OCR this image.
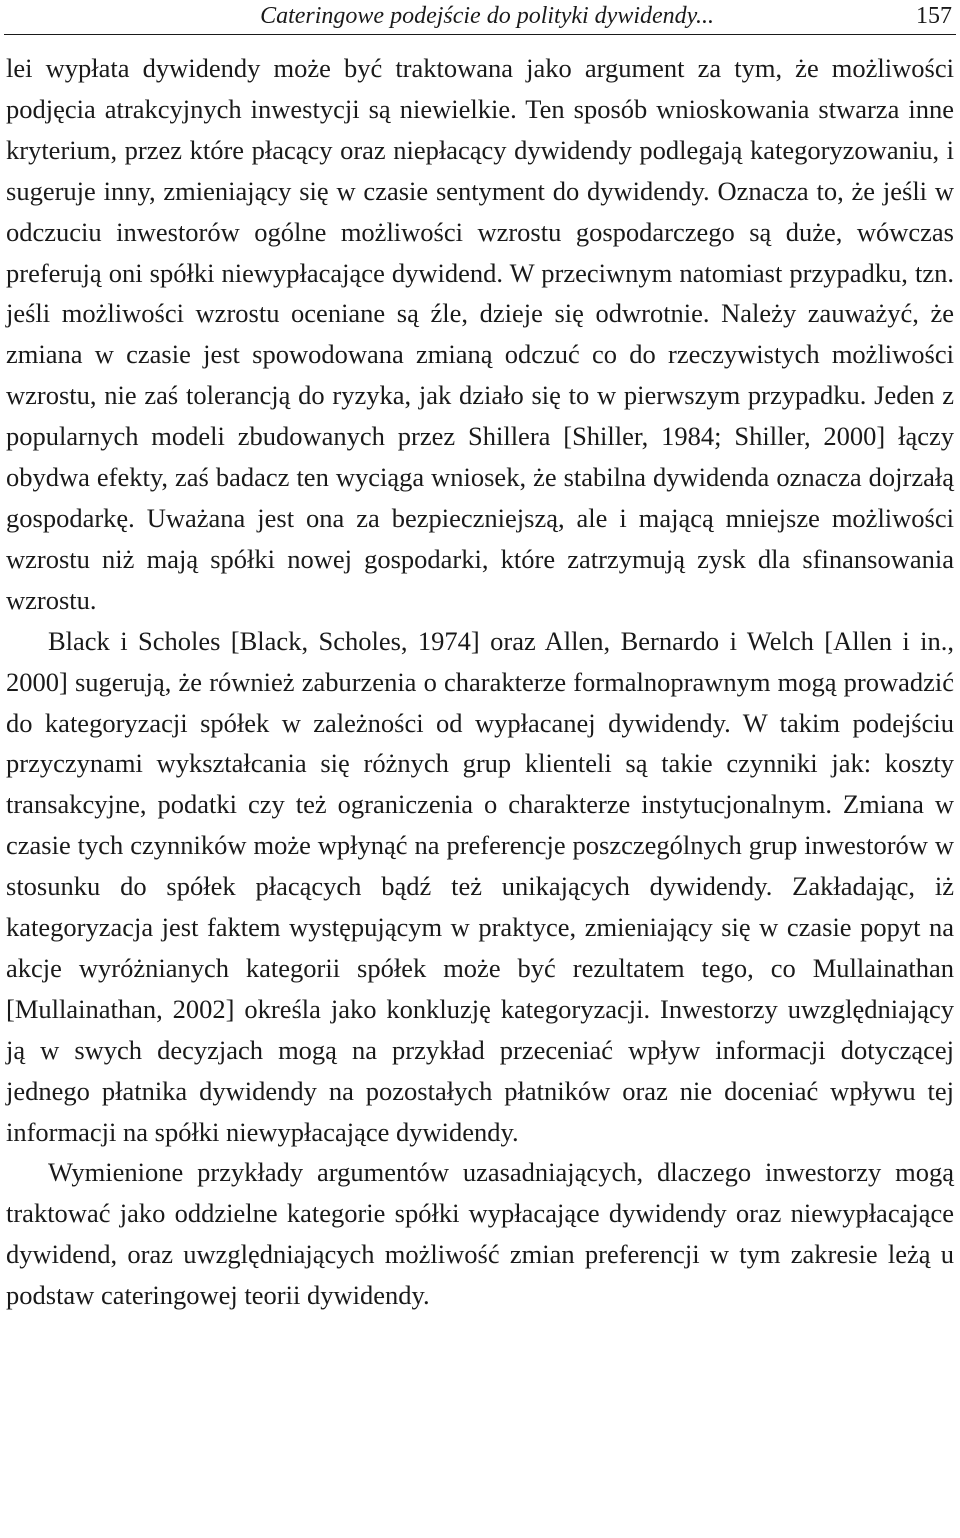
Cateringowe podejście do polityki dywidendy...	157

lei wypłata dywidendy może być traktowana jako argument za tym, że możliwości podjęcia atrakcyjnych inwestycji są niewielkie. Ten sposób wnioskowania stwarza inne kryterium, przez które płacący oraz niepłacący dywidendy podlegają kategoryzowaniu, i sugeruje inny, zmieniający się w czasie sentyment do dywidendy. Oznacza to, że jeśli w odczuciu inwestorów ogólne możliwości wzrostu gospodarczego są duże, wówczas preferują oni spółki niewypłacające dywidend. W przeciwnym natomiast przypadku, tzn. jeśli możliwości wzrostu oceniane są źle, dzieje się odwrotnie. Należy zauważyć, że zmiana w czasie jest spowodowana zmianą odczuć co do rzeczywistych możliwości wzrostu, nie zaś tolerancją do ryzyka, jak działo się to w pierwszym przypadku. Jeden z popularnych modeli zbudowanych przez Shillera [Shiller, 1984; Shiller, 2000] łączy obydwa efekty, zaś badacz ten wyciąga wniosek, że stabilna dywidenda oznacza dojrzałą gospodarkę. Uważana jest ona za bezpieczniejszą, ale i mającą mniejsze możliwości wzrostu niż mają spółki nowej gospodarki, które zatrzymują zysk dla sfinansowania wzrostu.

Black i Scholes [Black, Scholes, 1974] oraz Allen, Bernardo i Welch [Allen i in., 2000] sugerują, że również zaburzenia o charakterze formalnoprawnym mogą prowadzić do kategoryzacji spółek w zależności od wypłacanej dywidendy. W takim podejściu przyczynami wykształcania się różnych grup klienteli są takie czynniki jak: koszty transakcyjne, podatki czy też ograniczenia o charakterze instytucjonalnym. Zmiana w czasie tych czynników może wpłynąć na preferencje poszczególnych grup inwestorów w stosunku do spółek płacących bądź też unikających dywidendy. Zakładając, iż kategoryzacja jest faktem występującym w praktyce, zmieniający się w czasie popyt na akcje wyróżnianych kategorii spółek może być rezultatem tego, co Mullainathan [Mullainathan, 2002] określa jako konkluzję kategoryzacji. Inwestorzy uwzględniający ją w swych decyzjach mogą na przykład przeceniać wpływ informacji dotyczącej jednego płatnika dywidendy na pozostałych płatników oraz nie doceniać wpływu tej informacji na spółki niewypłacające dywidendy.

Wymienione przykłady argumentów uzasadniających, dlaczego inwestorzy mogą traktować jako oddzielne kategorie spółki wypłacające dywidendy oraz niewypłacające dywidend, oraz uwzględniających możliwość zmian preferencji w tym zakresie leżą u podstaw cateringowej teorii dywidendy.
